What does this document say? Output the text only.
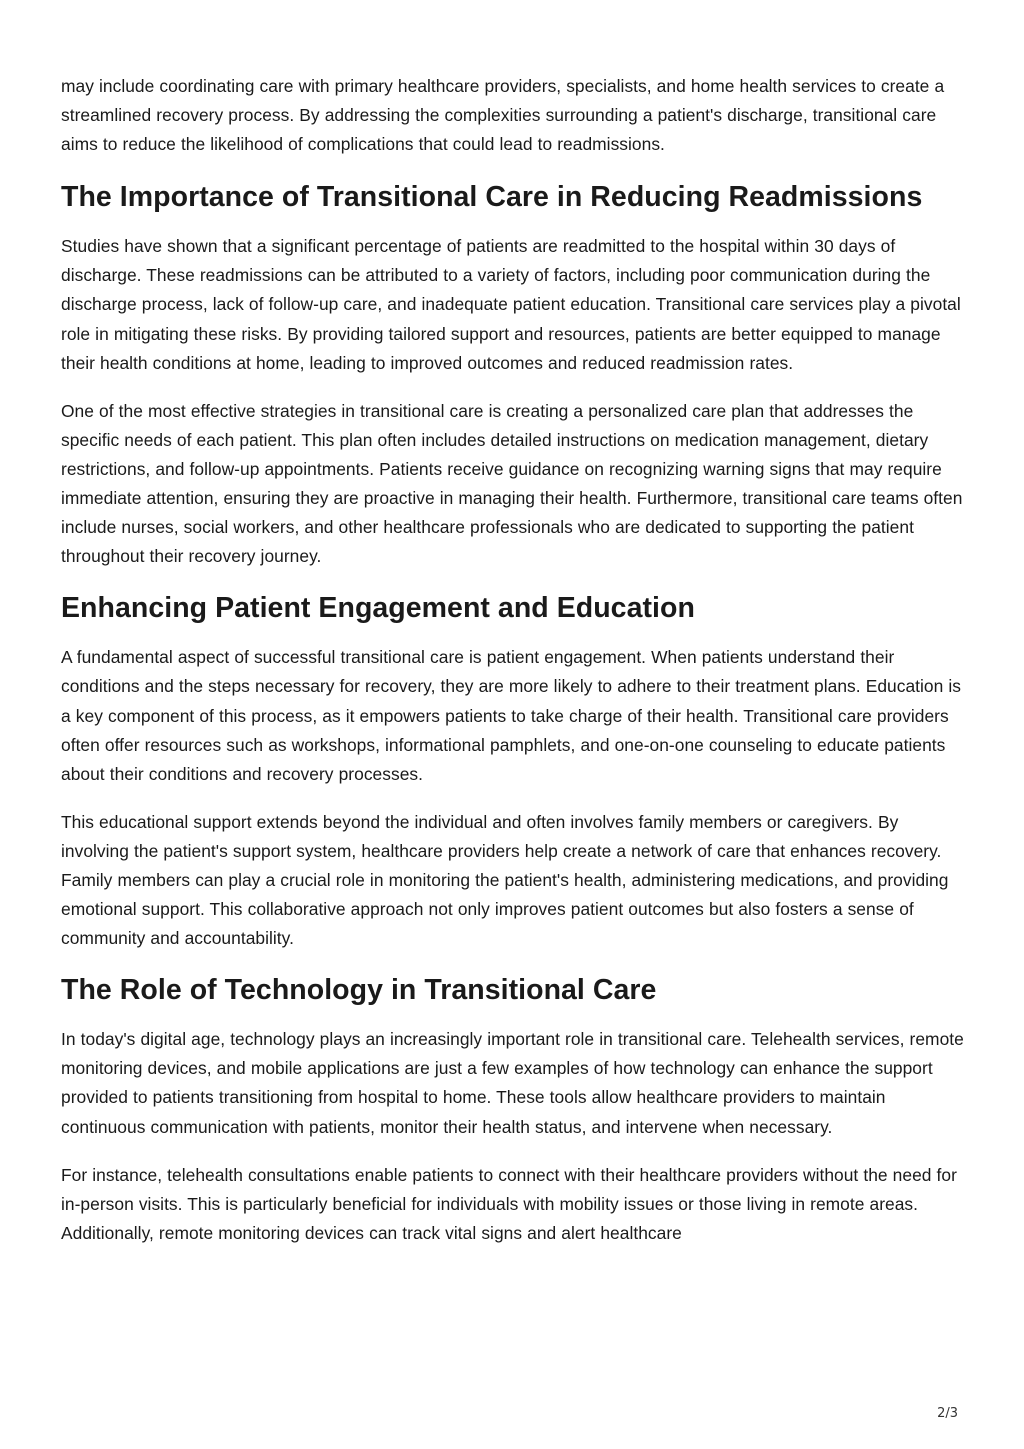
may include coordinating care with primary healthcare providers, specialists, and home health services to create a streamlined recovery process. By addressing the complexities surrounding a patient's discharge, transitional care aims to reduce the likelihood of complications that could lead to readmissions.

The Importance of Transitional Care in Reducing Readmissions

Studies have shown that a significant percentage of patients are readmitted to the hospital within 30 days of discharge. These readmissions can be attributed to a variety of factors, including poor communication during the discharge process, lack of follow-up care, and inadequate patient education. Transitional care services play a pivotal role in mitigating these risks. By providing tailored support and resources, patients are better equipped to manage their health conditions at home, leading to improved outcomes and reduced readmission rates.

One of the most effective strategies in transitional care is creating a personalized care plan that addresses the specific needs of each patient. This plan often includes detailed instructions on medication management, dietary restrictions, and follow-up appointments. Patients receive guidance on recognizing warning signs that may require immediate attention, ensuring they are proactive in managing their health. Furthermore, transitional care teams often include nurses, social workers, and other healthcare professionals who are dedicated to supporting the patient throughout their recovery journey.

Enhancing Patient Engagement and Education

A fundamental aspect of successful transitional care is patient engagement. When patients understand their conditions and the steps necessary for recovery, they are more likely to adhere to their treatment plans. Education is a key component of this process, as it empowers patients to take charge of their health. Transitional care providers often offer resources such as workshops, informational pamphlets, and one-on-one counseling to educate patients about their conditions and recovery processes.

This educational support extends beyond the individual and often involves family members or caregivers. By involving the patient's support system, healthcare providers help create a network of care that enhances recovery. Family members can play a crucial role in monitoring the patient's health, administering medications, and providing emotional support. This collaborative approach not only improves patient outcomes but also fosters a sense of community and accountability.

The Role of Technology in Transitional Care

In today's digital age, technology plays an increasingly important role in transitional care. Telehealth services, remote monitoring devices, and mobile applications are just a few examples of how technology can enhance the support provided to patients transitioning from hospital to home. These tools allow healthcare providers to maintain continuous communication with patients, monitor their health status, and intervene when necessary.

For instance, telehealth consultations enable patients to connect with their healthcare providers without the need for in-person visits. This is particularly beneficial for individuals with mobility issues or those living in remote areas. Additionally, remote monitoring devices can track vital signs and alert healthcare

2/3
